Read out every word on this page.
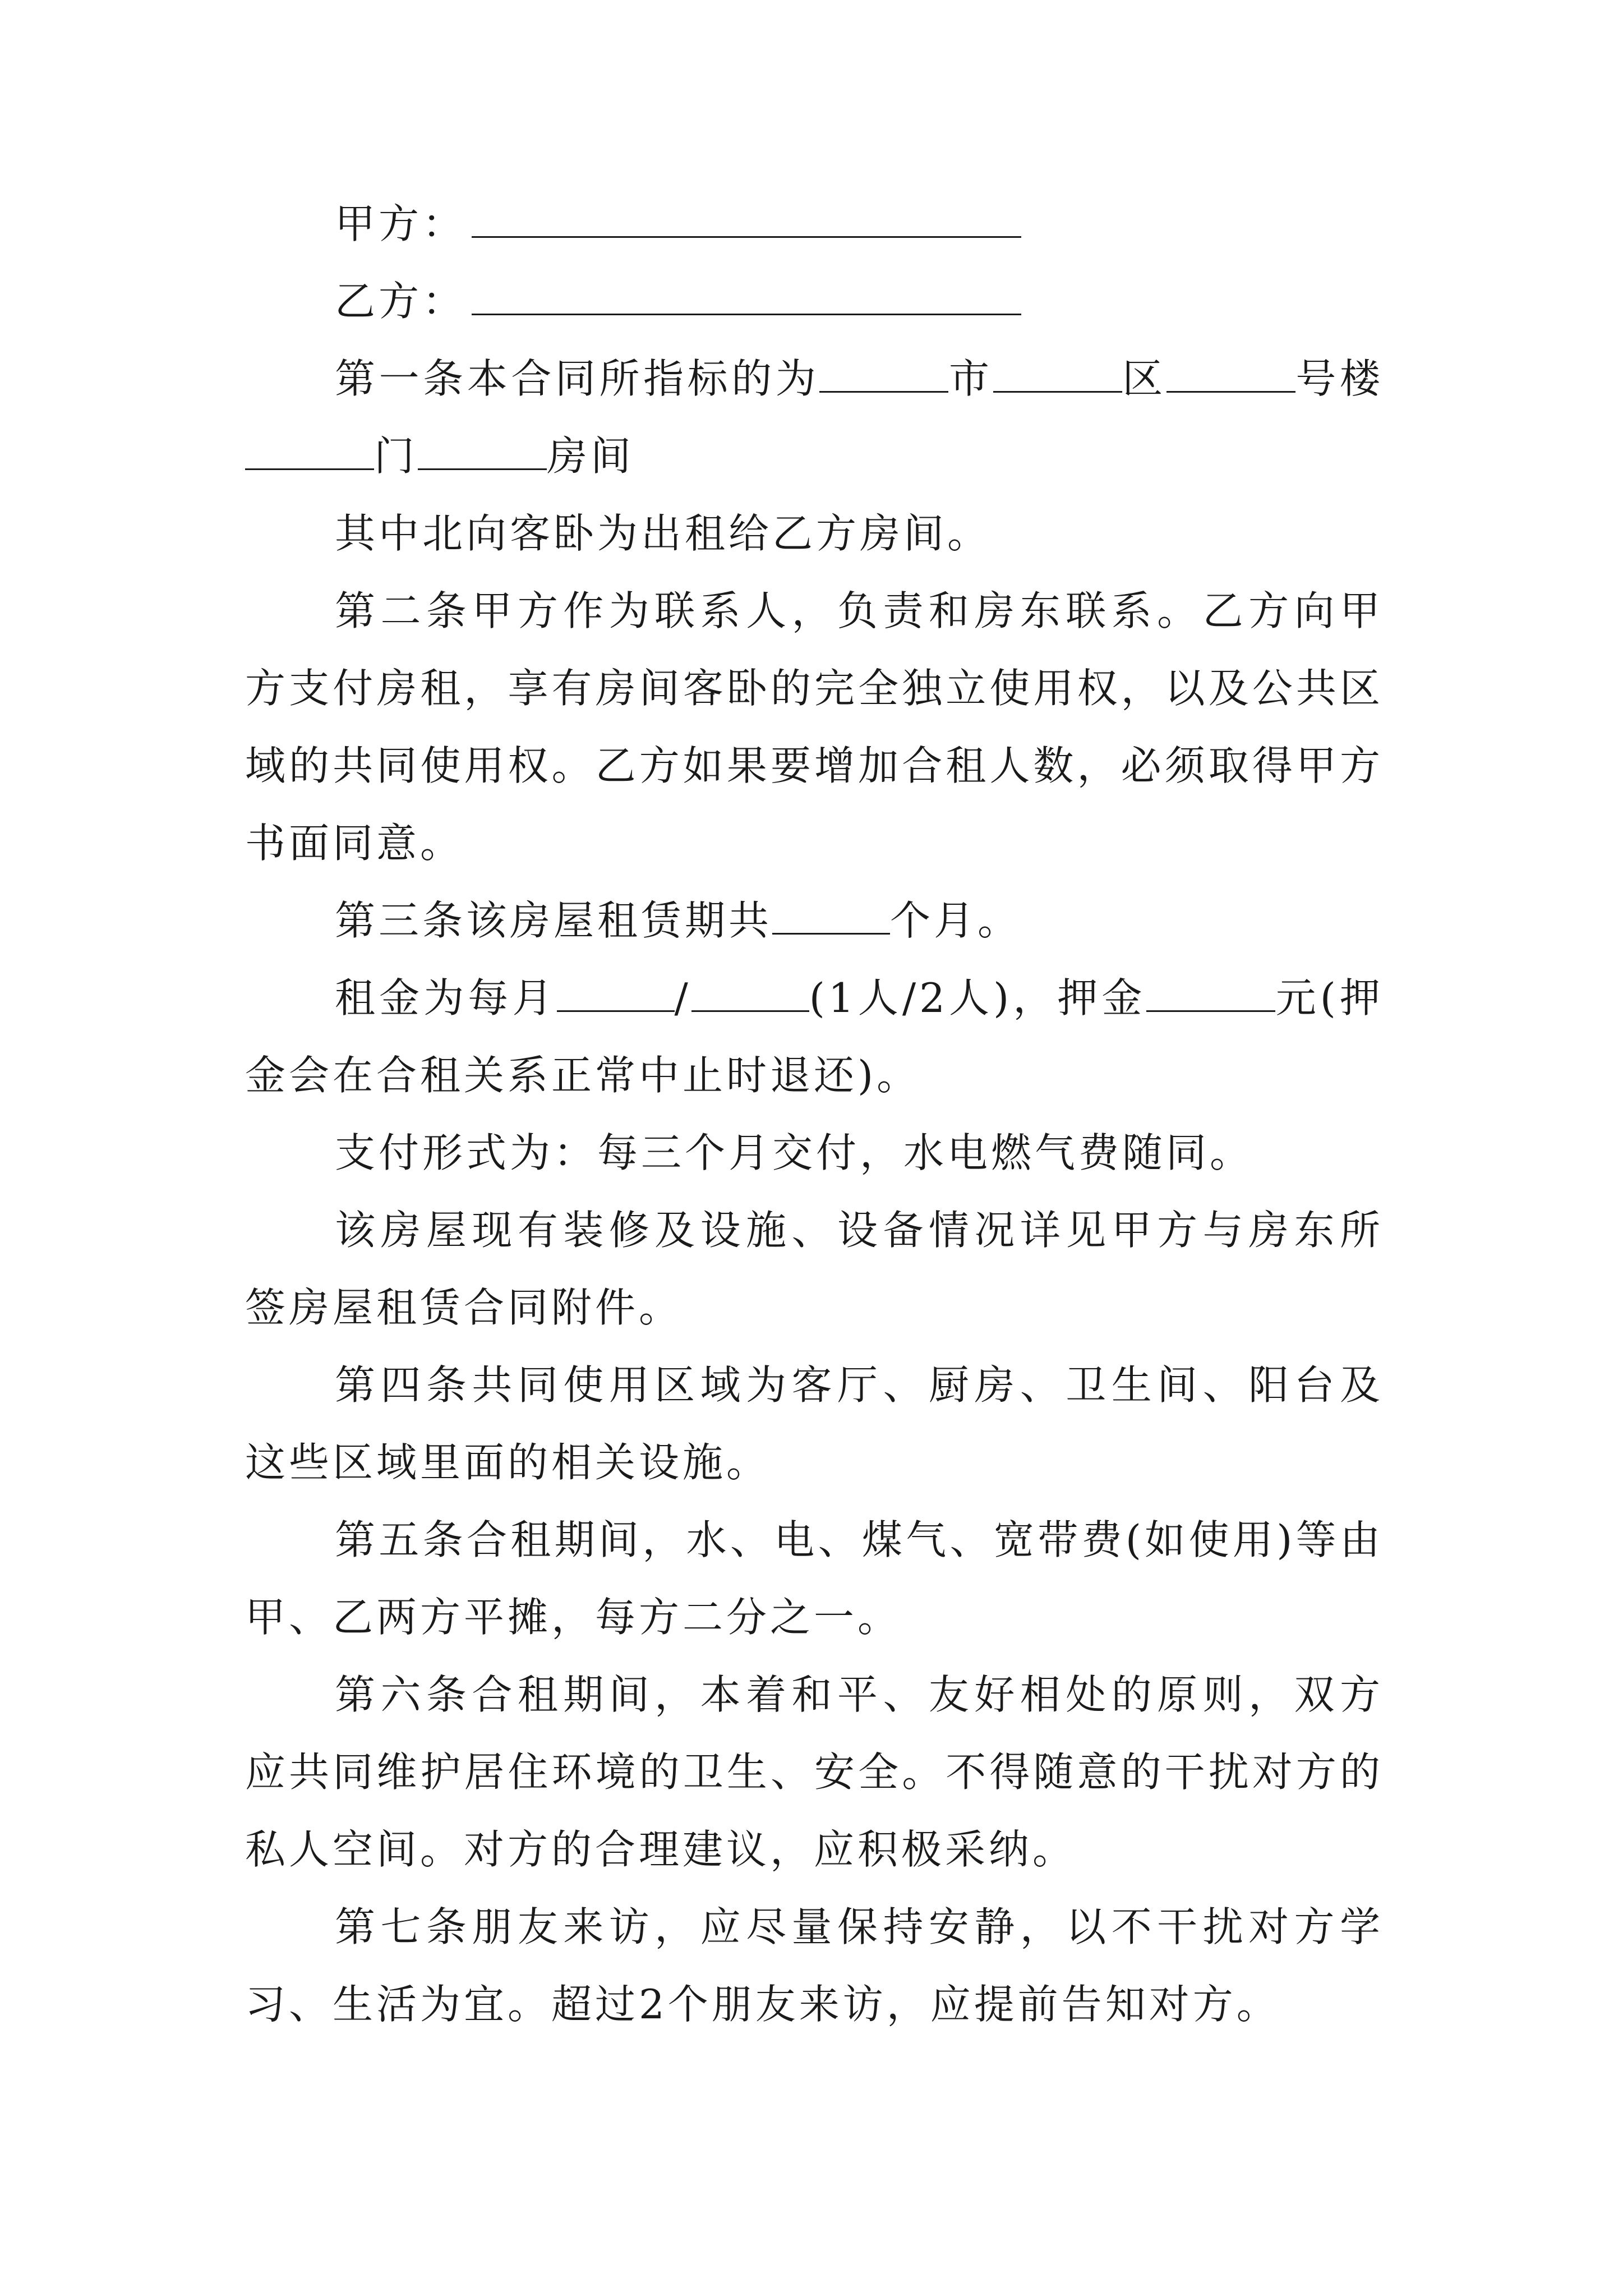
甲方：

乙方：

第一条本合同所指标的为	市	区	号楼 门	房间

其中北向客卧为出租给乙方房间。

第二条甲方作为联系人，负责和房东联系。乙方向甲方支付房租，享有房间客卧的完全独立使用权，以及公共区域的共同使用权。乙方如果要增加合租人数，必须取得甲方书面同意。

第三条该房屋租赁期共	个月。

租金为每月	/	(1人/2人)，押金	元(押金会在合租关系正常中止时退还)。

支付形式为：每三个月交付，水电燃气费随同。

该房屋现有装修及设施、设备情况详见甲方与房东所签房屋租赁合同附件。

第四条共同使用区域为客厅、厨房、卫生间、阳台及这些区域里面的相关设施。

第五条合租期间，水、电、煤气、宽带费(如使用)等由甲、乙两方平摊，每方二分之一。

第六条合租期间，本着和平、友好相处的原则，双方应共同维护居住环境的卫生、安全。不得随意的干扰对方的私人空间。对方的合理建议，应积极采纳。

第七条朋友来访，应尽量保持安静，以不干扰对方学习、生活为宜。超过2个朋友来访，应提前告知对方。
